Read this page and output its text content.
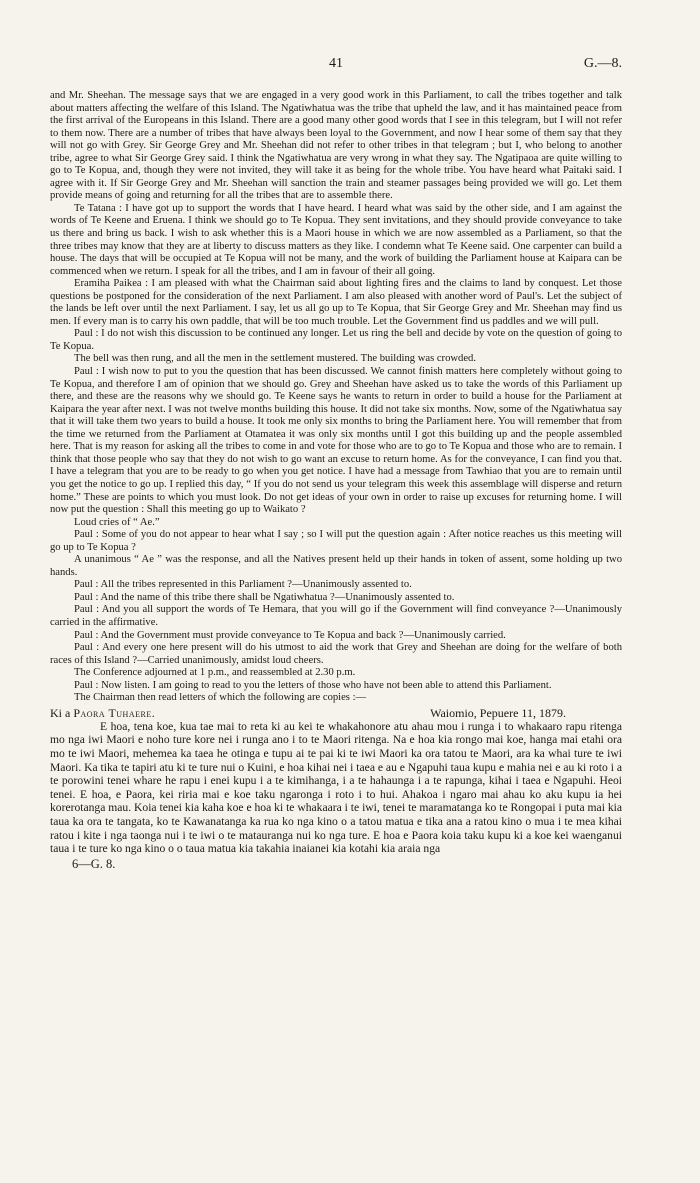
41	G.—8.

and Mr. Sheehan. The message says that we are engaged in a very good work in this Parliament, to call the tribes together and talk about matters affecting the welfare of this Island. The Ngatiwhatua was the tribe that upheld the law, and it has maintained peace from the first arrival of the Europeans in this Island. There are a good many other good words that I see in this telegram, but I will not refer to them now. There are a number of tribes that have always been loyal to the Government, and now I hear some of them say that they will not go with Grey. Sir George Grey and Mr. Sheehan did not refer to other tribes in that telegram ; but I, who belong to another tribe, agree to what Sir George Grey said. I think the Ngatiwhatua are very wrong in what they say. The Ngatipaoa are quite willing to go to Te Kopua, and, though they were not invited, they will take it as being for the whole tribe. You have heard what Paitaki said. I agree with it. If Sir George Grey and Mr. Sheehan will sanction the train and steamer passages being provided we will go. Let them provide means of going and returning for all the tribes that are to assemble there.

Te Tatana : I have got up to support the words that I have heard. I heard what was said by the other side, and I am against the words of Te Keene and Eruena. I think we should go to Te Kopua. They sent invitations, and they should provide conveyance to take us there and bring us back. I wish to ask whether this is a Maori house in which we are now assembled as a Parliament, so that the three tribes may know that they are at liberty to discuss matters as they like. I condemn what Te Keene said. One carpenter can build a house. The days that will be occupied at Te Kopua will not be many, and the work of building the Parliament house at Kaipara can be commenced when we return. I speak for all the tribes, and I am in favour of their all going.

Eramiha Paikea : I am pleased with what the Chairman said about lighting fires and the claims to land by conquest. Let those questions be postponed for the consideration of the next Parliament. I am also pleased with another word of Paul's. Let the subject of the lands be left over until the next Parliament. I say, let us all go up to Te Kopua, that Sir George Grey and Mr. Sheehan may find us men. If every man is to carry his own paddle, that will be too much trouble. Let the Government find us paddles and we will pull.

Paul : I do not wish this discussion to be continued any longer. Let us ring the bell and decide by vote on the question of going to Te Kopua.

The bell was then rung, and all the men in the settlement mustered. The building was crowded.

Paul : I wish now to put to you the question that has been discussed. We cannot finish matters here completely without going to Te Kopua, and therefore I am of opinion that we should go. Grey and Sheehan have asked us to take the words of this Parliament up there, and these are the reasons why we should go. Te Keene says he wants to return in order to build a house for the Parliament at Kaipara the year after next. I was not twelve months building this house. It did not take six months. Now, some of the Ngatiwhatua say that it will take them two years to build a house. It took me only six months to bring the Parliament here. You will remember that from the time we returned from the Parliament at Otamatea it was only six months until I got this building up and the people assembled here. That is my reason for asking all the tribes to come in and vote for those who are to go to Te Kopua and those who are to remain. I think that those people who say that they do not wish to go want an excuse to return home. As for the conveyance, I can find you that. I have a telegram that you are to be ready to go when you get notice. I have had a message from Tawhiao that you are to remain until you get the notice to go up. I replied this day, “ If you do not send us your telegram this week this assemblage will disperse and return home.” These are points to which you must look. Do not get ideas of your own in order to raise up excuses for returning home. I will now put the question : Shall this meeting go up to Waikato ?

Loud cries of “ Ae.”

Paul : Some of you do not appear to hear what I say ; so I will put the question again : After notice reaches us this meeting will go up to Te Kopua ?

A unanimous “ Ae ” was the response, and all the Natives present held up their hands in token of assent, some holding up two hands.

Paul : All the tribes represented in this Parliament ?—Unanimously assented to.

Paul : And the name of this tribe there shall be Ngatiwhatua ?—Unanimously assented to.

Paul : And you all support the words of Te Hemara, that you will go if the Government will find conveyance ?—Unanimously carried in the affirmative.

Paul : And the Government must provide conveyance to Te Kopua and back ?—Unanimously carried.

Paul : And every one here present will do his utmost to aid the work that Grey and Sheehan are doing for the welfare of both races of this Island ?—Carried unanimously, amidst loud cheers.

The Conference adjourned at 1 p.m., and reassembled at 2.30 p.m.

Paul : Now listen. I am going to read to you the letters of those who have not been able to attend this Parliament.

The Chairman then read letters of which the following are copies :—

Ki a Paora Tuhaere.	Waiomio, Pepuere 11, 1879.

E hoa, tena koe, kua tae mai to reta ki au kei te whakahonore atu ahau mou i runga i to whakaaro rapu ritenga mo nga iwi Maori e noho ture kore nei i runga ano i to te Maori ritenga. Na e hoa kia rongo mai koe, hanga mai etahi ora mo te iwi Maori, mehemea ka taea he otinga e tupu ai te pai ki te iwi Maori ka ora tatou te Maori, ara ka whai ture te iwi Maori. Ka tika te tapiri atu ki te ture nui o Kuini, e hoa kihai nei i taea e au e Ngapuhi taua kupu e mahia nei e au ki roto i a te porowini tenei whare he rapu i enei kupu i a te kimihanga, i a te hahaunga i a te rapunga, kihai i taea e Ngapuhi. Heoi tenei. E hoa, e Paora, kei riria mai e koe taku ngaronga i roto i to hui. Ahakoa i ngaro mai ahau ko aku kupu ia hei korerotanga mau. Koia tenei kia kaha koe e hoa ki te whakaara i te iwi, tenei te maramatanga ko te Rongopai i puta mai kia taua ka ora te tangata, ko te Kawanatanga ka rua ko nga kino o a tatou matua e tika ana a ratou kino o mua i te mea kihai ratou i kite i nga taonga nui i te iwi o te matauranga nui ko nga ture. E hoa e Paora koia taku kupu ki a koe kei waenganui taua i te ture ko nga kino o o taua matua kia takahia inaianei kia kotahi kia araia nga

6—G. 8.
